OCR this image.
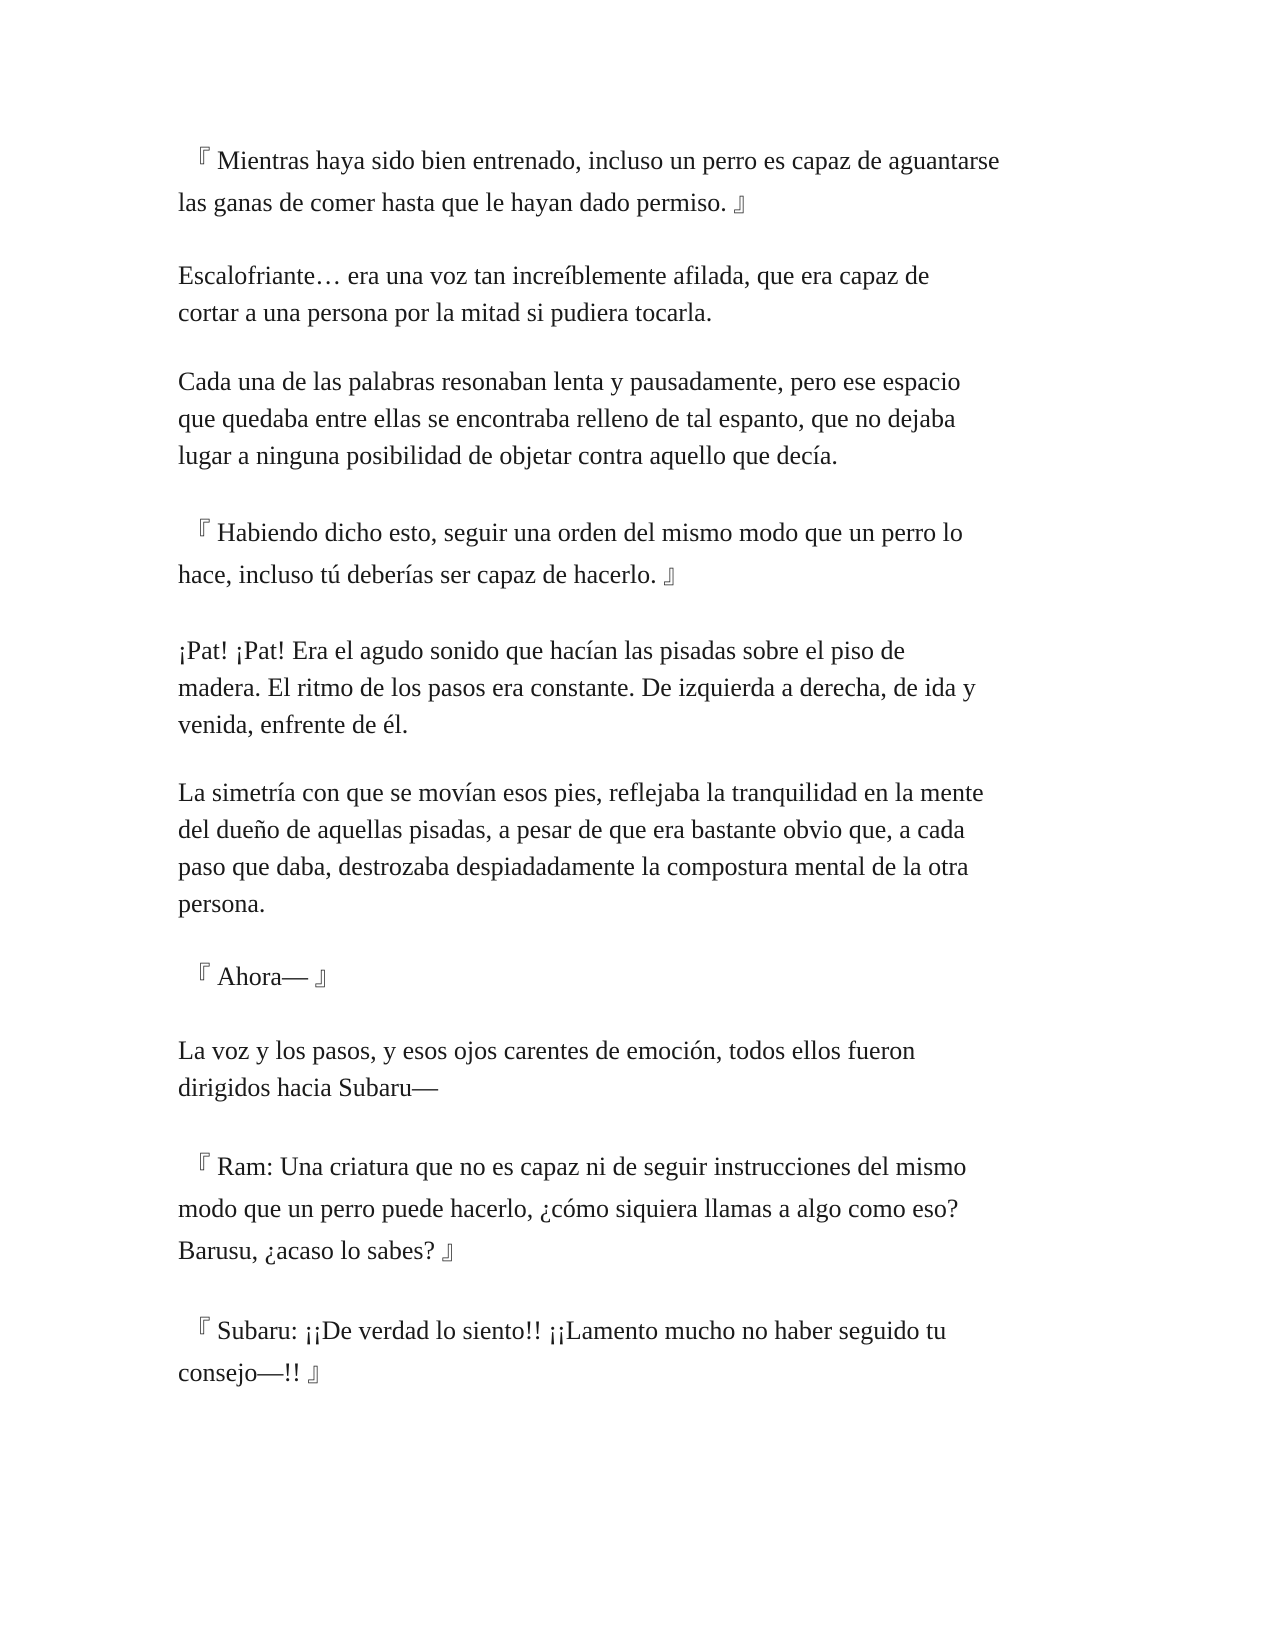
『 Mientras haya sido bien entrenado, incluso un perro es capaz de aguantarse
las ganas de comer hasta que le hayan dado permiso. 』

Escalofriante… era una voz tan increíblemente afilada, que era capaz de
cortar a una persona por la mitad si pudiera tocarla.

Cada una de las palabras resonaban lenta y pausadamente, pero ese espacio
que quedaba entre ellas se encontraba relleno de tal espanto, que no dejaba
lugar a ninguna posibilidad de objetar contra aquello que decía.

『 Habiendo dicho esto, seguir una orden del mismo modo que un perro lo
hace, incluso tú deberías ser capaz de hacerlo. 』

¡Pat! ¡Pat! Era el agudo sonido que hacían las pisadas sobre el piso de
madera. El ritmo de los pasos era constante. De izquierda a derecha, de ida y
venida, enfrente de él.

La simetría con que se movían esos pies, reflejaba la tranquilidad en la mente
del dueño de aquellas pisadas, a pesar de que era bastante obvio que, a cada
paso que daba, destrozaba despiadadamente la compostura mental de la otra
persona.

『 Ahora— 』

La voz y los pasos, y esos ojos carentes de emoción, todos ellos fueron
dirigidos hacia Subaru—

『 Ram: Una criatura que no es capaz ni de seguir instrucciones del mismo
modo que un perro puede hacerlo, ¿cómo siquiera llamas a algo como eso?
Barusu, ¿acaso lo sabes? 』

『 Subaru: ¡¡De verdad lo siento!! ¡¡Lamento mucho no haber seguido tu
consejo—!! 』
